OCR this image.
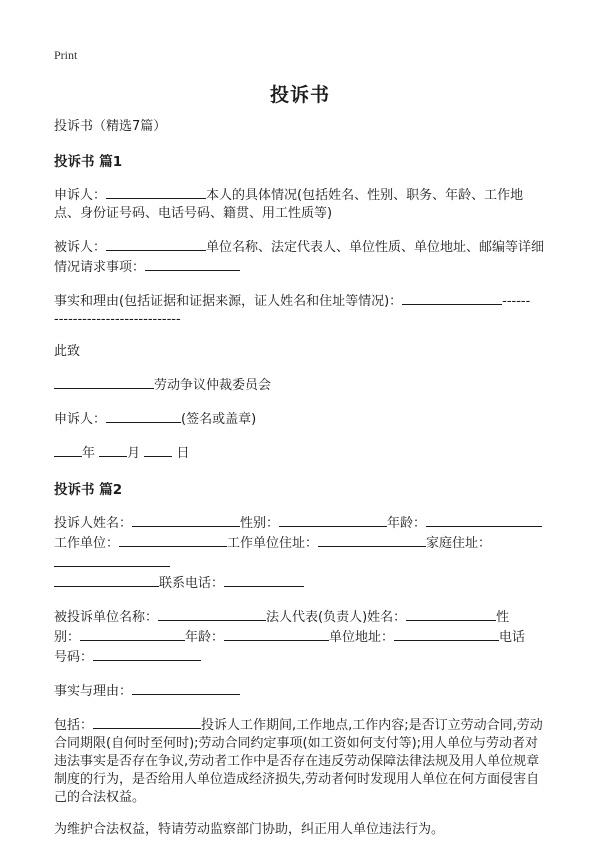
Print
投诉书

投诉书（精选7篇）

投诉书 篇1

申诉人：	本人的具体情况(包括姓名、性别、职务、年龄、工作地点、身份证号码、电话号码、籍贯、用工性质等)

被诉人：	单位名称、法定代表人、单位性质、单位地址、邮编等详细情况请求事项：

事实和理由(包括证据和证据来源，证人姓名和住址等情况)：	------
---------------------------

此致

劳动争议仲裁委员会

申诉人：	(签名或盖章)

年 月	日

投诉书 篇2

投诉人姓名：	性别：	年龄：
工作单位：	工作单位住址：	家庭住址：
联系电话：

被投诉单位名称：	法人代表(负责人)姓名：	性
别：	年龄：	单位地址：	电话
号码：

事实与理由：

包括：	投诉人工作期间,工作地点,工作内容;是否订立劳动合同,劳动合同期限(自何时至何时);劳动合同约定事项(如工资如何支付等);用人单位与劳动者对违法事实是否存在争议,劳动者工作中是否存在违反劳动保障法律法规及用人单位规章制度的行为，是否给用人单位造成经济损失,劳动者何时发现用人单位在何方面侵害自己的合法权益。

为维护合法权益，特请劳动监察部门协助，纠正用人单位违法行为。
